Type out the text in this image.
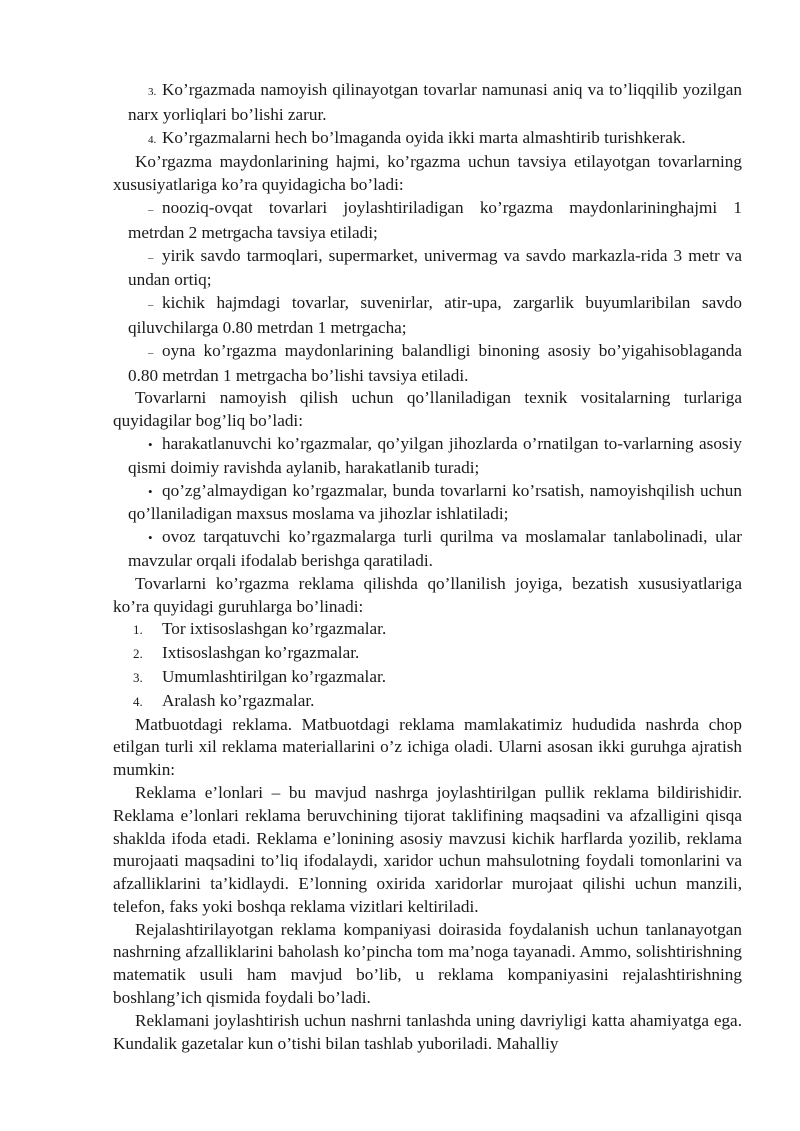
3. Ko’rgazmada namoyish qilinayotgan tovarlar namunasi aniq va to’liqqilib yozilgan narx yorliqlari bo’lishi zarur.

4. Ko’rgazmalarni hech bo’lmaganda oyida ikki marta almashtirib turishkerak.

Ko’rgazma maydonlarining hajmi, ko’rgazma uchun tavsiya etilayotgan tovarlarning xususiyatlariga ko’ra quyidagicha bo’ladi:

– nooziq-ovqat tovarlari joylashtiriladigan ko’rgazma maydonlarininghajmi 1 metrdan 2 metrgacha tavsiya etiladi;

– yirik savdo tarmoqlari, supermarket, univermag va savdo markazla-rida 3 metr va undan ortiq;

– kichik hajmdagi tovarlar, suvenirlar, atir-upa, zargarlik buyumlaribilan savdo qiluvchilarga 0.80 metrdan 1 metrgacha;

– oyna ko’rgazma maydonlarining balandligi binoning asosiy bo’yigahisoblaganda 0.80 metrdan 1 metrgacha bo’lishi tavsiya etiladi.

Tovarlarni namoyish qilish uchun qo’llaniladigan texnik vositalarning turlariga quyidagilar bog’liq bo’ladi:

• harakatlanuvchi ko’rgazmalar, qo’yilgan jihozlarda o’rnatilgan to-varlarning asosiy qismi doimiy ravishda aylanib, harakatlanib turadi;

• qo’zg’almaydigan ko’rgazmalar, bunda tovarlarni ko’rsatish, namoyishqilish uchun qo’llaniladigan maxsus moslama va jihozlar ishlatiladi;

• ovoz tarqatuvchi ko’rgazmalarga turli qurilma va moslamalar tanlabolinadi, ular mavzular orqali ifodalab berishga qaratiladi.

Tovarlarni ko’rgazma reklama qilishda qo’llanilish joyiga, bezatish xususiyatlariga ko’ra quyidagi guruhlarga bo’linadi:

1. Tor ixtisoslashgan ko’rgazmalar.

2. Ixtisoslashgan ko’rgazmalar.

3. Umumlashtirilgan ko’rgazmalar.

4. Aralash ko’rgazmalar.

Matbuotdagi reklama. Matbuotdagi reklama mamlakatimiz hududida nashrda chop etilgan turli xil reklama materiallarini o’z ichiga oladi. Ularni asosan ikki guruhga ajratish mumkin:

Reklama e’lonlari – bu mavjud nashrga joylashtirilgan pullik reklama bildirishidir. Reklama e’lonlari reklama beruvchining tijorat taklifining maqsadini va afzalligini qisqa shaklda ifoda etadi. Reklama e’lonining asosiy mavzusi kichik harflarda yozilib, reklama murojaati maqsadini to’liq ifodalaydi, xaridor uchun mahsulotning foydali tomonlarini va afzalliklarini ta’kidlaydi. E’lonning oxirida xaridorlar murojaat qilishi uchun manzili, telefon, faks yoki boshqa reklama vizitlari keltiriladi.

Rejalashtirilayotgan reklama kompaniyasi doirasida foydalanish uchun tanlanayotgan nashrning afzalliklarini baholash ko’pincha tom ma’noga tayanadi. Ammo, solishtirishning matematik usuli ham mavjud bo’lib, u reklama kompaniyasini rejalashtirishning boshlang’ich qismida foydali bo’ladi.

Reklamani joylashtirish uchun nashrni tanlashda uning davriyligi katta ahamiyatga ega. Kundalik gazetalar kun o’tishi bilan tashlab yuboriladi. Mahalliy
